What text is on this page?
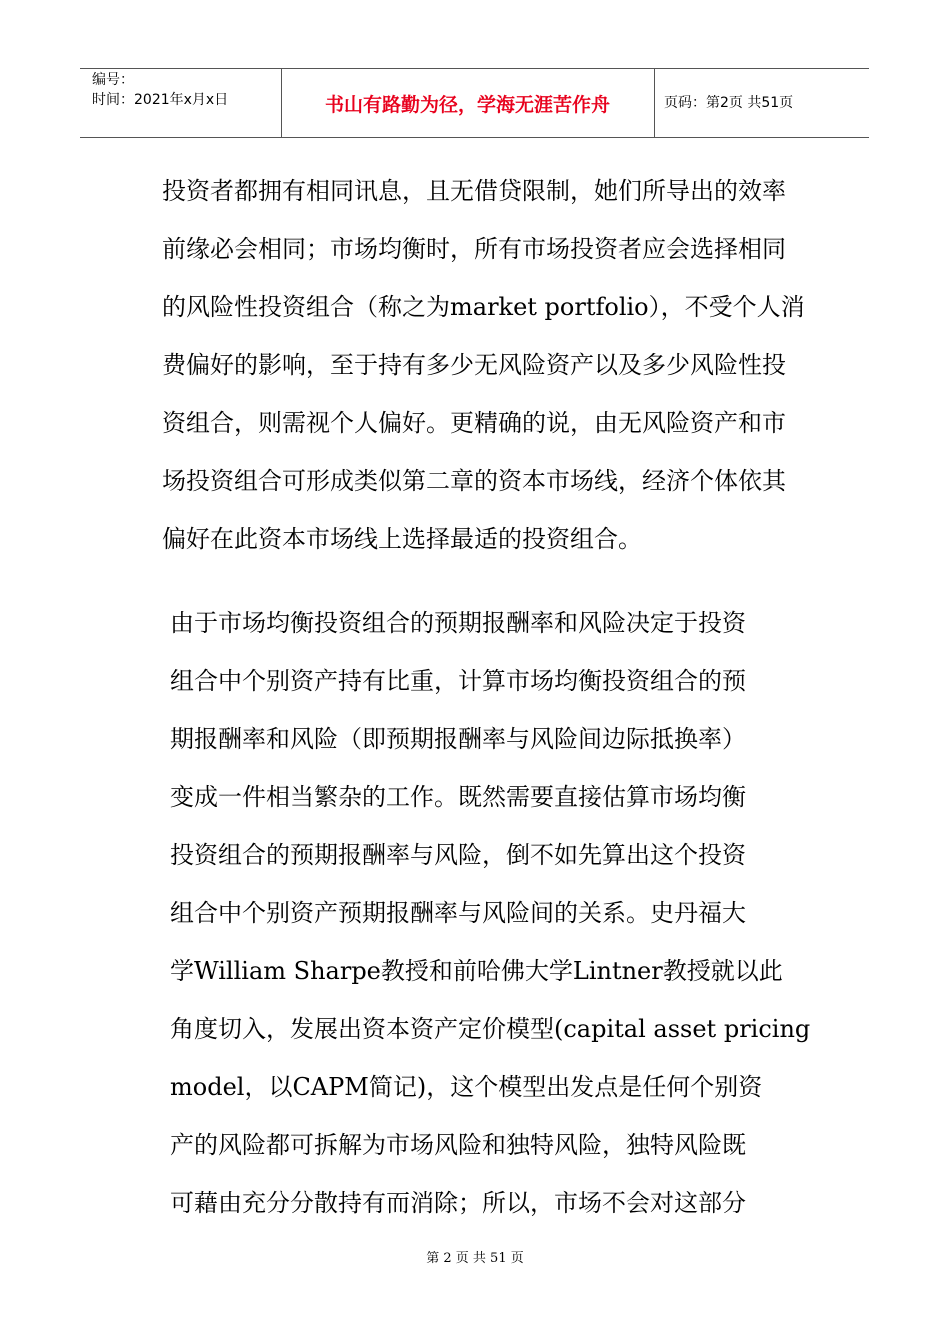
编号：
时间：2021年x月x日	书山有路勤为径，学海无涯苦作舟	页码：第2页 共51页
投资者都拥有相同讯息，且无借贷限制，她们所导出的效率
前缘必会相同；市场均衡时，所有市场投资者应会选择相同
的风险性投资组合（称之为market portfolio），不受个人消
费偏好的影响，至于持有多少无风险资产以及多少风险性投
资组合，则需视个人偏好。更精确的说，由无风险资产和市
场投资组合可形成类似第二章的资本市场线，经济个体依其
偏好在此资本市场线上选择最适的投资组合。
由于市场均衡投资组合的预期报酬率和风险决定于投资
组合中个别资产持有比重，计算市场均衡投资组合的预
期报酬率和风险（即预期报酬率与风险间边际抵换率）
变成一件相当繁杂的工作。既然需要直接估算市场均衡
投资组合的预期报酬率与风险，倒不如先算出这个投资
组合中个别资产预期报酬率与风险间的关系。史丹福大
学William Sharpe教授和前哈佛大学Lintner教授就以此
角度切入，发展出资本资产定价模型(capital asset pricing
model，以CAPM简记)，这个模型出发点是任何个别资
产的风险都可拆解为市场风险和独特风险，独特风险既
可藉由充分分散持有而消除；所以，市场不会对这部分
第 2 页 共 51 页
